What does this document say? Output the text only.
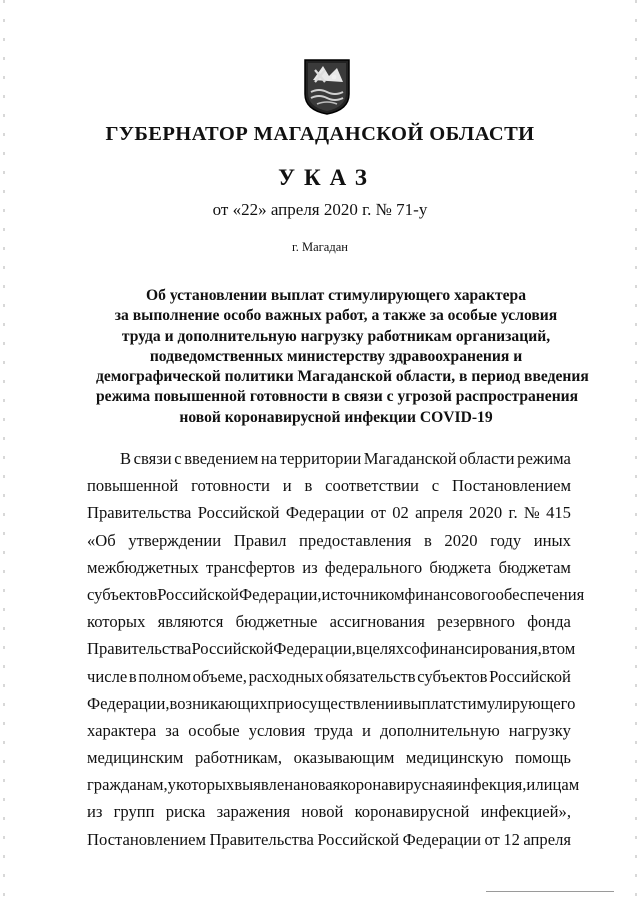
ГУБЕРНАТОР МАГАДАНСКОЙ ОБЛАСТИ
УКАЗ
от «22» апреля 2020 г. № 71-у
г. Магадан
Об установлении выплат стимулирующего характера
за выполнение особо важных работ, а также за особые условия
труда и дополнительную нагрузку работникам организаций,
подведомственных министерству здравоохранения и
демографической политики Магаданской области, в период введения
режима повышенной готовности в связи с угрозой распространения
новой коронавирусной инфекции COVID-19
В связи с введением на территории Магаданской области режима
повышенной готовности и в соответствии с Постановлением
Правительства Российской Федерации от 02 апреля 2020 г. № 415
«Об утверждении Правил предоставления в 2020 году иных
межбюджетных трансфертов из федерального бюджета бюджетам
субъектов Российской Федерации, источником финансового обеспечения
которых являются бюджетные ассигнования резервного фонда
Правительства Российской Федерации, в целях софинансирования, в том
числе в полном объеме, расходных обязательств субъектов Российской
Федерации, возникающих при осуществлении выплат стимулирующего
характера за особые условия труда и дополнительную нагрузку
медицинским работникам, оказывающим медицинскую помощь
гражданам, у которых выявлена новая коронавирусная инфекция, и лицам
из групп риска заражения новой коронавирусной инфекцией»,
Постановлением Правительства Российской Федерации от 12 апреля
